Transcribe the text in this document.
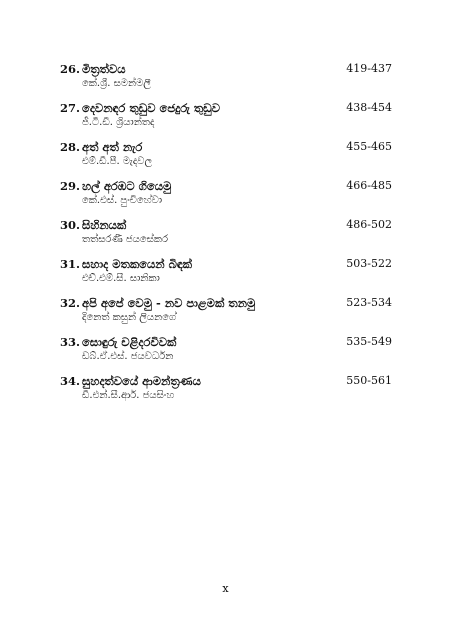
26. මිත්‍රත්වය	419-437
කේ.ශ්‍රී. සමන්මලී
27. දෙවනඳර තුඩුව ජෙදුරු තුඩුව	438-454
ජී.ටී.ඩී. ශ්‍රියාන්තද
28. අත් අත් නැර	455-465
එම්.ඩී.පී. මැදවල
29. හල් අරඹට ගියෙමු	466-485
කේ.එස්. පුංචිහේවා
30. සිහිනයක්	486-502
තත්සරණී ජයසේකර
31. සහාද මතකයෙන් බිඳක්	503-522
එච්.එම්.සී. සානිකා
32. අපි අපේ වෙමු - නව පාළමක් තනමු	523-534
දිනෙත් කසුන් ලියනගේ
33. සොඳුරු චළිදරවිවක්	535-549
ඩබ්.ඒ.එස්. ජයවර්ධන
34. සුහදත්වයේ ආමන්ත්‍රණය	550-561
ඩී.එන්.සී.ආර්. ජයසිංහ
x
